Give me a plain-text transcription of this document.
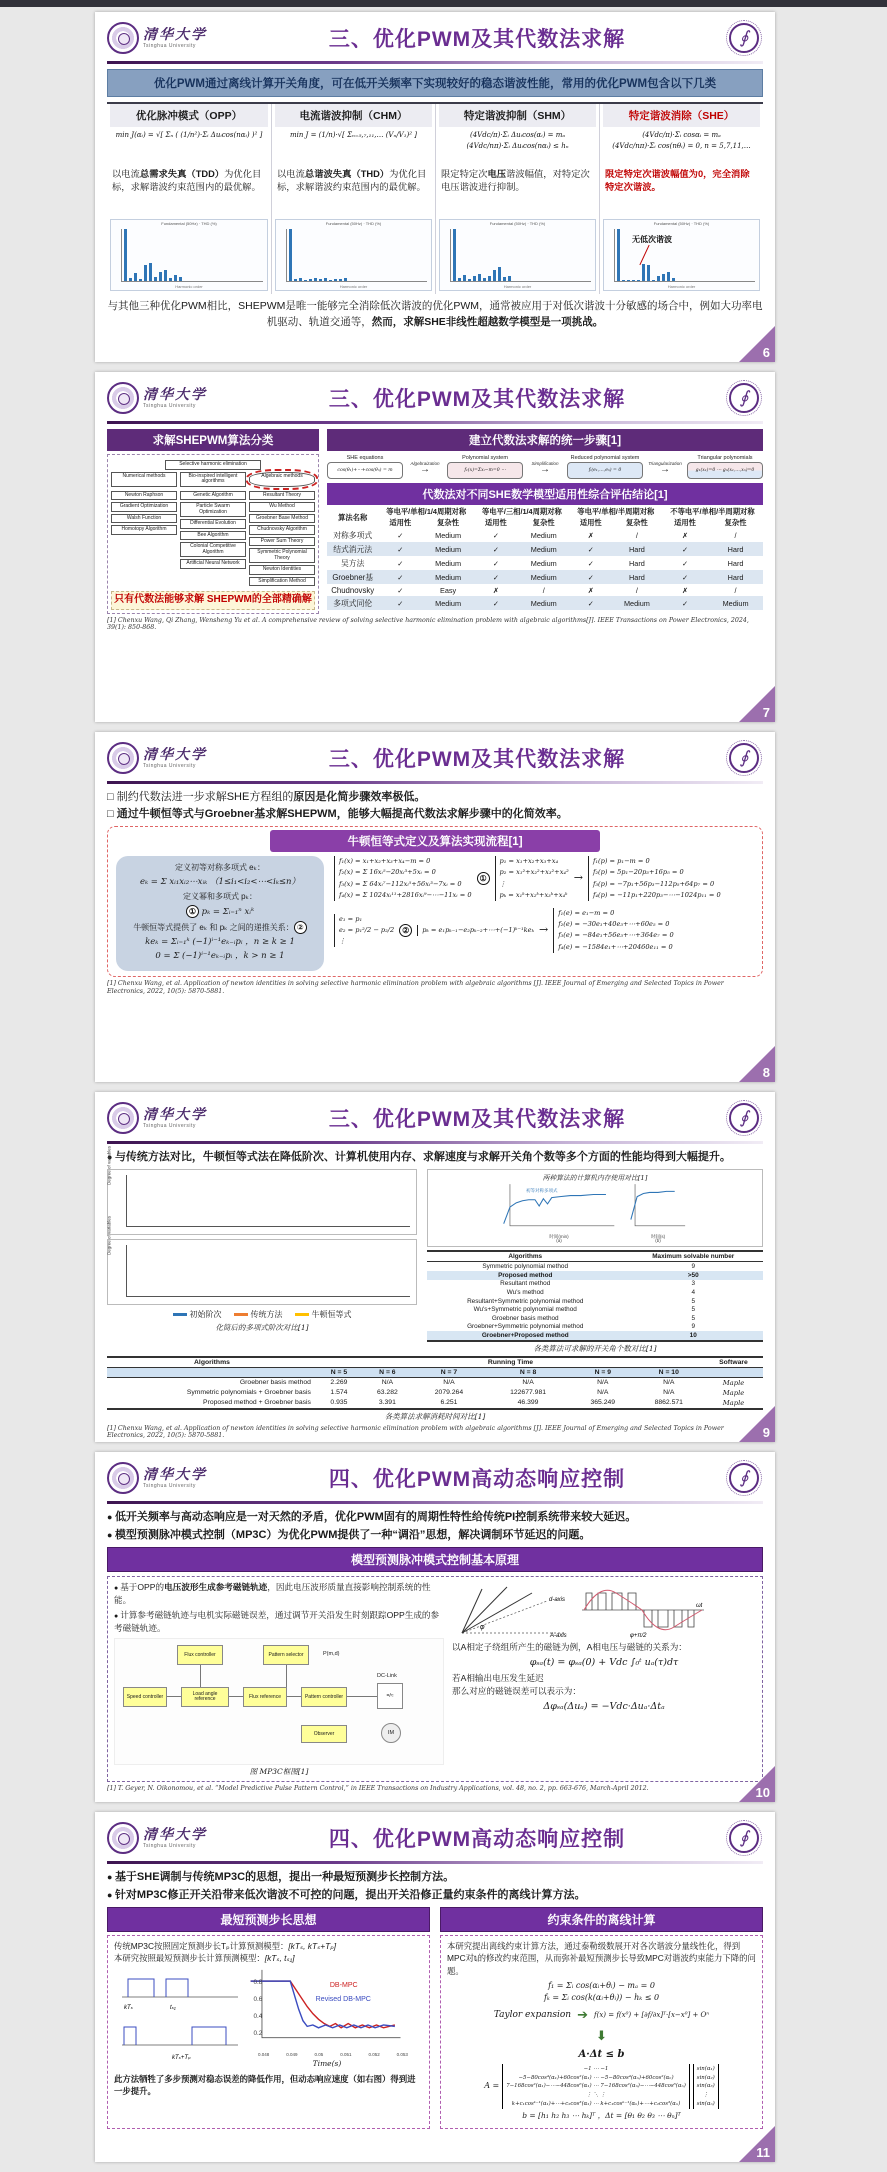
清华大学
Tsinghua University	三、优化PWM及其代数法求解	∮
优化PWM通过离线计算开关角度，可在低开关频率下实现较好的稳态谐波性能，常用的优化PWM包含以下几类
优化脉冲模式（OPP）
min J(αᵢ) = √[ Σₙ ( (1/n²)·Σᵢ Δuᵢcos(nαᵢ) )² ]

以电流总需求失真（TDD）为优化目标，求解谐波约束范围内的最优解。
Fundamental (50Hz) · THD (%)
Harmonic order
电流谐波抑制（CHM）
min J = (1/n)·√[ Σₙ₌₅,₇,₁₁,… (Vₙ/V₁)² ]

以电流总谐波失真（THD）为优化目标，求解谐波约束范围内的最优解。
Fundamental (50Hz) · THD (%)
Harmonic order
特定谐波抑制（SHM）
(4Vdc/π)·Σᵢ Δuᵢcos(αᵢ) = mₐ
(4Vdc/nπ)·Σᵢ Δuᵢcos(nαᵢ) ≤ hₙ
限定特定次电压谐波幅值，对特定次电压谐波进行抑制。
Fundamental (50Hz) · THD (%)
Harmonic order
特定谐波消除（SHE）
(4Vdc/π)·Σᵢ cosαᵢ = mₐ
(4Vdc/nπ)·Σᵢ cos(nθᵢ) = 0, n = 5,7,11,…
限定特定次谐波幅值为0，完全消除特定次谐波。
Fundamental (50Hz) · THD (%)
无低次谐波
Harmonic order

与其他三种优化PWM相比，SHEPWM是唯一能够完全消除低次谐波的优化PWM，通常被应用于对低次谐波十分敏感的场合中，例如大功率电机驱动、轨道交通等，然而，求解SHE非线性超越数学模型是一项挑战。

6
清华大学
Tsinghua University	三、优化PWM及其代数法求解	∮
求解SHEPWM算法分类
Selective harmonic elimination
Numerical methods	Bio-inspired intelligent algorithms
Algebraic methods
Newton Raphson
Gradient Optimization
Walsh Function
Homotopy Algorithm
Genetic Algorithm
Particle Swarm Optimization
Differential Evolution
Bee Algorithm
Colonial Competitive Algorithm
Artificial Neural Network
Resultant Theory
Wu Method
Groebner Base Method
Chudnovsky Algorithm
Power Sum Theory
Symmetric Polynomial Theory
Newton Identities
Simplification Method
只有代数法能够求解 SHEPWM的全部精确解
建立代数法求解的统一步骤[1]
SHE equations
cos(θ₁)+⋯+cos(θₙ) = m
Algebraization
→
Polynomial system
f₁(x)=Σxᵢ−m=0 ⋯
Simplification
→
Reduced polynomial system
fᵢ(e₁,…,eₙ) = 0
Triangularization
→
Triangular polynomials
g₁(x₁)=0 ⋯ gₙ(x₁,…,xₙ)=0
代数法对不同SHE数学模型适用性综合评估结论[1]
算法名称	等电平/单相/1/4周期对称		等电平/三相/1/4周期对称		等电平/单相/半周期对称		不等电平/单相/半周期对称	
	适用性	复杂性	适用性	复杂性	适用性	复杂性	适用性	复杂性
对称多项式	✓	Medium	✓	Medium	✗	/	✗	/
结式消元法	✓	Medium	✓	Medium	✓	Hard	✓	Hard
吴方法	✓	Medium	✓	Medium	✓	Hard	✓	Hard
Groebner基	✓	Medium	✓	Medium	✓	Hard	✓	Hard
Chudnovsky	✓	Easy	✗	/	✗	/	✗	/
多项式同伦	✓	Medium	✓	Medium	✓	Medium	✓	Medium
[1] Chenxu Wang, Qi Zhang, Wensheng Yu et al. A comprehensive review of solving selective harmonic elimination problem with algebraic algorithms[J]. IEEE Transactions on Power Electronics, 2024, 39(1): 850-868.
7
清华大学
Tsinghua University	三、优化PWM及其代数法求解	∮
□ 制约代数法进一步求解SHE方程组的原因是化简步骤效率极低。
□ 通过牛顿恒等式与Groebner基求解SHEPWM，能够大幅提高代数法求解步骤中的化简效率。
牛顿恒等式定义及算法实现流程[1]
定义初等对称多项式 eₖ：
eₖ = Σ xᵢ₁xᵢ₂⋯xᵢₖ （1≤i₁<i₂<⋯<iₖ≤n）
定义幂和多项式 pₖ：
① pₖ = Σᵢ₌₁ⁿ xᵢᵏ
牛顿恒等式提供了 eₖ 和 pₖ 之间的递推关系： ②
keₖ = Σᵢ₌₁ᵏ (−1)ⁱ⁻¹eₖ₋ᵢpᵢ ，n ≥ k ≥ 1
0 = Σ (−1)ⁱ⁻¹eₖ₋ᵢpᵢ ，k > n ≥ 1
f₁(x) = x₁+x₂+x₃+x₄−m = 0
f₂(x) = Σ 16xᵢ⁵−20xᵢ³+5xᵢ = 0
f₃(x) = Σ 64xᵢ⁷−112xᵢ⁵+56xᵢ³−7xᵢ = 0
f₄(x) = Σ 1024xᵢ¹¹+2816xᵢ⁹−⋯−11xᵢ = 0
①
p₁ = x₁+x₂+x₃+x₄
p₂ = x₁²+x₂²+x₃²+x₄²
⋮
pₖ = x₁ᵏ+x₂ᵏ+x₃ᵏ+x₄ᵏ
→
f₁(p) = p₁−m = 0
f₂(p) = 5p₁−20p₃+16p₅ = 0
f₃(p) = −7p₁+56p₃−112p₅+64p₇ = 0
f₄(p) = −11p₁+220p₃−⋯−1024p₁₁ = 0
e₁ = p₁
e₂ = p₁²/2 − p₂/2
⋮
②	pₖ = e₁pₖ₋₁−e₂pₖ₋₂+⋯+(−1)ᵏ⁻¹keₖ →
f₁(e) = e₁−m = 0
f₂(e) = −30e₁+40e₃+⋯+60e₅ = 0
f₃(e) = −84e₁+56e₃+⋯+364e₇ = 0
f₄(e) = −1584e₁+⋯+20460e₁₁ = 0
[1] Chenxu Wang, et al. Application of newton identities in solving selective harmonic elimination problem with algebraic algorithms [J]. IEEE Journal of Emerging and Selected Topics in Power Electronics, 2022, 10(5): 5870-5881.
8
清华大学
Tsinghua University	三、优化PWM及其代数法求解	∮

● 与传统方法对比，牛顿恒等式法在降低阶次、计算机使用内存、求解速度与求解开关角个数等多个方面的性能均得到大幅提升。

Degree of variables
Degree of variables
初始阶次	传统方法	牛顿恒等式
化简后的多项式阶次对比[1]
两种算法的计算机内存使用对比[1]
初等对称多项式
时间(min)
(a)
时间(s)
(b)
Algorithms	Maximum solvable number
Symmetric polynomial method	9
Proposed method	>50
Resultant method	3
Wu's method	4
Resultant+Symmetric polynomial method	5
Wu's+Symmetric polynomial method	5
Groebner basis method	5
Groebner+Symmetric polynomial method	9
Groebner+Proposed method	10
各类算法可求解的开关角个数对比[1]
Algorithms	Running Time						Software
	N = 5	N = 6	N = 7	N = 8	N = 9	N = 10	
Groebner basis method	2.269	N/A	N/A	N/A	N/A	N/A	Maple
Symmetric polynomials + Groebner basis	1.574	63.282	2079.264	122677.981	N/A	N/A	Maple
Proposed method + Groebner basis	0.935	3.391	6.251	46.399	365.249	8862.571	Maple
各类算法求解消耗时间对比[1]
[1] Chenxu Wang, et al. Application of newton identities in solving selective harmonic elimination problem with algebraic algorithms [J]. IEEE Journal of Emerging and Selected Topics in Power Electronics, 2022, 10(5): 5870-5881.	9
清华大学
Tsinghua University	四、优化PWM高动态响应控制	∮
● 低开关频率与高动态响应是一对天然的矛盾，优化PWM固有的周期性特性给传统PI控制系统带来较大延迟。
● 模型预测脉冲模式控制（MP3C）为优化PWM提供了一种“调沿”思想，解决调制环节延迟的问题。
模型预测脉冲模式控制基本原理
● 基于OPP的电压波形生成参考磁链轨迹，因此电压波形质量直接影响控制系统的性能。
● 计算参考磁链轨迹与电机实际磁链误差，通过调节开关沿发生时刻跟踪OPP生成的参考磁链轨迹。
Flux controller	Pattern selector	P(m,d)
Speed controller	Load angle reference	Flux reference	Pattern controller
DC-Link
=/≈
Observer	IM
图 MP3C框图[1]
A-axis
d-axis
φ
ωt
φ+π/2
以A相定子绕组所产生的磁链为例，A相电压与磁链的关系为：
φₛₐ(t) = φₛₐ(0) + Vdc ∫₀ᵗ uₐ(τ)dτ
若A相输出电压发生延迟
那么对应的磁链误差可以表示为：
Δφₛₐ(Δuₐ) = −Vdc·Δuₐ·Δtₐ
[1] T. Geyer, N. Oikonomou, et al. “Model Predictive Pulse Pattern Control,” in IEEE Transactions on Industry Applications, vol. 48, no. 2, pp. 663-676, March-April 2012.	10
清华大学
Tsinghua University	四、优化PWM高动态响应控制	∮
● 基于SHE调制与传统MP3C的思想，提出一种最短预测步长控制方法。
● 针对MP3C修正开关沿带来低次谐波不可控的问题，提出开关沿修正量约束条件的离线计算方法。
最短预测步长思想
传统MP3C按照固定预测步长Tₚ计算预测模型：[kTₛ, kTₛ+Tₚ]
本研究按照最短预测步长计算预测模型：[kTₛ, tₛ₁]
kTₛ	tₛ₁
kTₛ+Tₚ
DB-MPC
Revised DB-MPC
0.8
0.6
0.4
0.2
0.048	0.049	0.05	0.051	0.052	0.053
Time(s)
此方法牺牲了多步预测对稳态误差的降低作用，但动态响应速度（如右图）得到进一步提升。
约束条件的离线计算
本研究提出离线约束计算方法，通过泰勒级数展开对各次谐波分量线性化，得到MPC对tᵢ的修改约束范围，从而弥补最短预测步长导致MPC对谐波约束能力下降的问题。
f₁ = Σᵢ cos(αᵢ+θᵢ) − mₐ = 0
fₖ = Σᵢ cos(k(αᵢ+θᵢ)) − hₖ ≤ 0
Taylor expansion ➔ f(x) = f(x⁰) + [∂f/∂x]ᵀ·[x−x⁰] + Oⁿ
⬇
A·Δt ≤ b
A =
−1 ⋯ −1
−5−80cos⁴(α₁)+60cos²(α₁) ⋯ −5−80cos⁴(αₙ)+60cos²(αₙ)
7−168cos²(α₁)−⋯−448cos⁶(α₁) ⋯ 7−168cos²(αₙ)−⋯−448cos⁶(αₙ)
⋮ ⋱ ⋮
k+c₁cosᵏ⁻¹(α₁)+⋯+c₂cos³(α₁) ⋯ k+c₁cosᵏ⁻¹(αₙ)+⋯+c₂cos³(αₙ)
sin(α₁)
sin(α₂)
sin(α₃)
⋮
sin(αₙ)
b = [h₁ h₂ h₃ ⋯ hₖ]ᵀ ，Δt = [θ₁ θ₂ θ₃ ⋯ θₙ]ᵀ
11
